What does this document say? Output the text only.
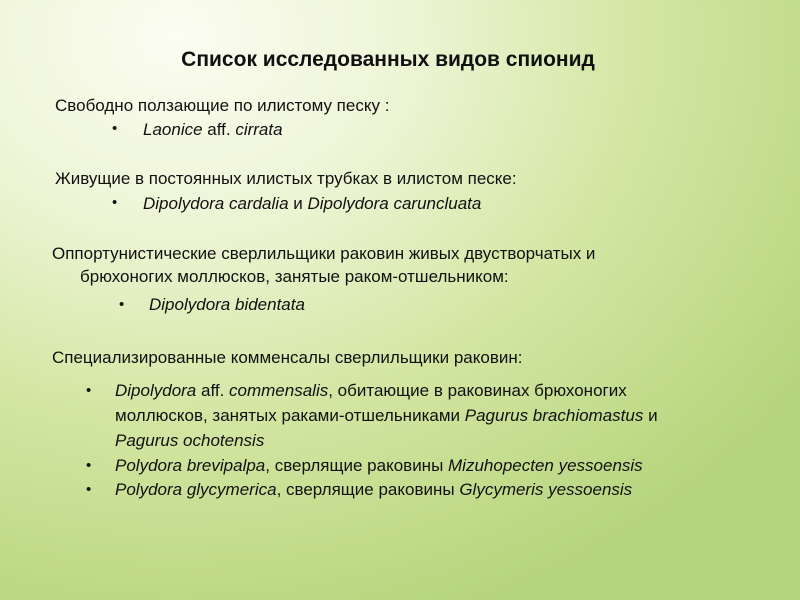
Список исследованных видов спионид
Свободно ползающие по илистому песку :
• Laonice aff. cirrata
Живущие в постоянных илистых трубках в илистом песке:
• Dipolydora cardalia и Dipolydora caruncluata
Оппортунистические сверлильщики раковин живых двустворчатых и
брюхоногих моллюсков, занятые раком-отшельником:
• Dipolydora bidentata
Специализированные комменсалы сверлильщики раковин:
• Dipolydora aff. commensalis, обитающие в раковинах брюхоногих
моллюсков, занятых раками-отшельниками Pagurus brachiomastus и
Pagurus ochotensis
• Polydora brevipalpa, сверлящие раковины Mizuhopecten yessoensis
• Polydora glycymerica, сверлящие раковины Glycymeris yessoensis
